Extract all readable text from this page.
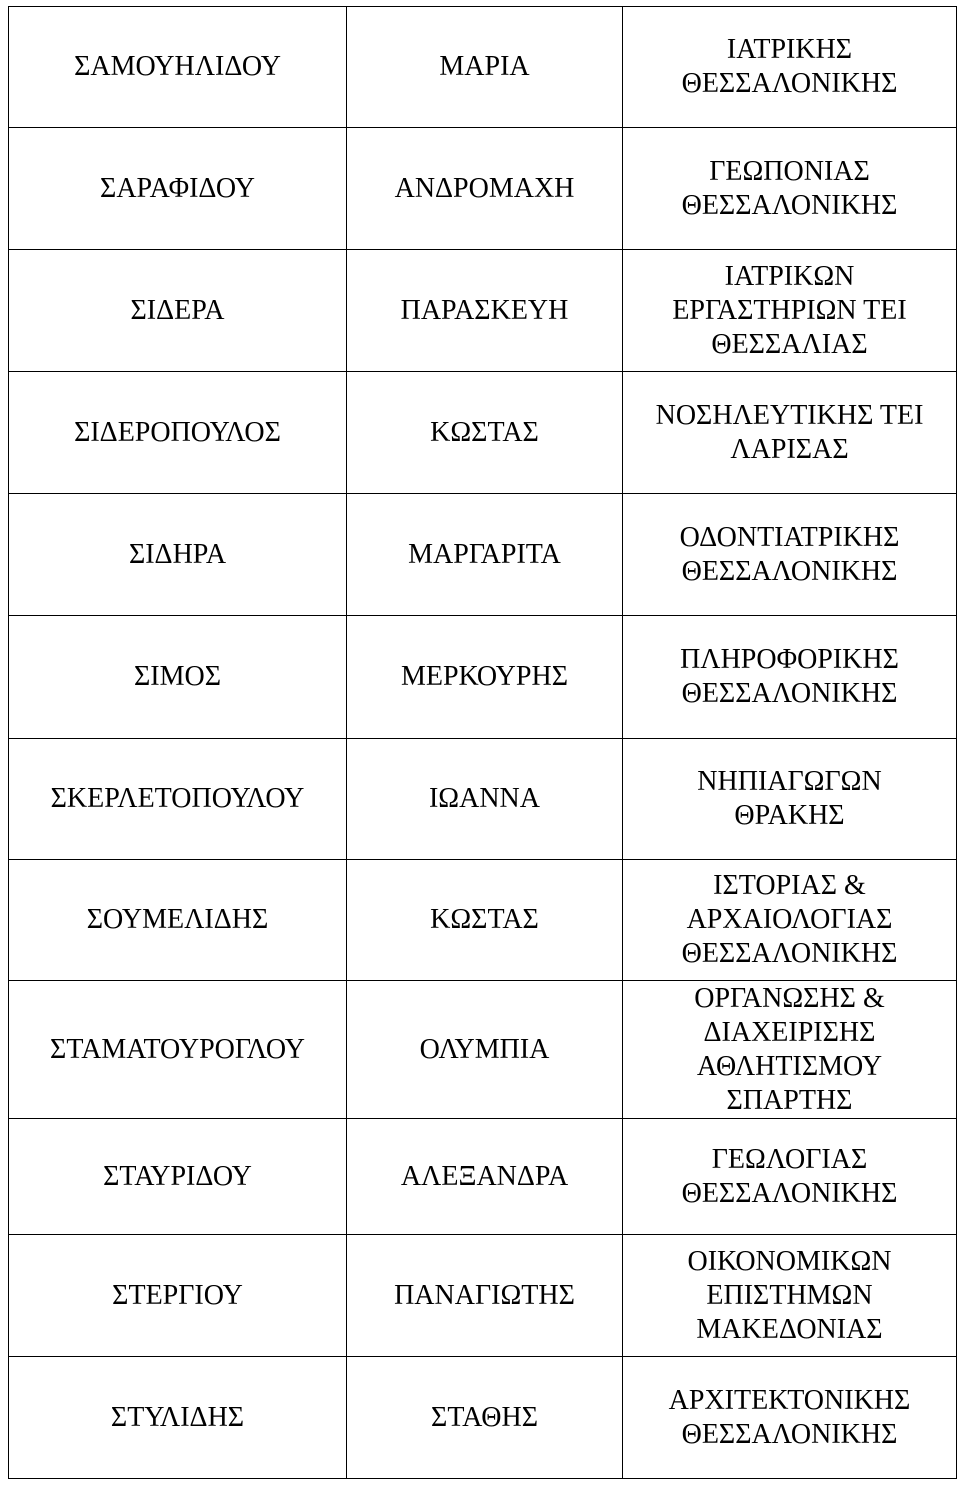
ΣΑΜΟΥΗΛΙΔΟΥ	ΜΑΡΙΑ	ΙΑΤΡΙΚΗΣ
ΘΕΣΣΑΛΟΝΙΚΗΣ
ΣΑΡΑΦΙΔΟΥ	ΑΝΔΡΟΜΑΧΗ	ΓΕΩΠΟΝΙΑΣ
ΘΕΣΣΑΛΟΝΙΚΗΣ
ΣΙΔΕΡΑ	ΠΑΡΑΣΚΕΥΗ	ΙΑΤΡΙΚΩΝ
ΕΡΓΑΣΤΗΡΙΩΝ ΤΕΙ
ΘΕΣΣΑΛΙΑΣ
ΣΙΔΕΡΟΠΟΥΛΟΣ	ΚΩΣΤΑΣ	ΝΟΣΗΛΕΥΤΙΚΗΣ ΤΕΙ
ΛΑΡΙΣΑΣ
ΣΙΔΗΡΑ	ΜΑΡΓΑΡΙΤΑ	ΟΔΟΝΤΙΑΤΡΙΚΗΣ
ΘΕΣΣΑΛΟΝΙΚΗΣ
ΣΙΜΟΣ	ΜΕΡΚΟΥΡΗΣ	ΠΛΗΡΟΦΟΡΙΚΗΣ
ΘΕΣΣΑΛΟΝΙΚΗΣ
ΣΚΕΡΛΕΤΟΠΟΥΛΟΥ	ΙΩΑΝΝΑ	ΝΗΠΙΑΓΩΓΩΝ
ΘΡΑΚΗΣ
ΣΟΥΜΕΛΙΔΗΣ	ΚΩΣΤΑΣ	ΙΣΤΟΡΙΑΣ &
ΑΡΧΑΙΟΛΟΓΙΑΣ
ΘΕΣΣΑΛΟΝΙΚΗΣ
ΣΤΑΜΑΤΟΥΡΟΓΛΟΥ	ΟΛΥΜΠΙΑ	ΟΡΓΑΝΩΣΗΣ &
ΔΙΑΧΕΙΡΙΣΗΣ
ΑΘΛΗΤΙΣΜΟΥ
ΣΠΑΡΤΗΣ
ΣΤΑΥΡΙΔΟΥ	ΑΛΕΞΑΝΔΡΑ	ΓΕΩΛΟΓΙΑΣ
ΘΕΣΣΑΛΟΝΙΚΗΣ
ΣΤΕΡΓΙΟΥ	ΠΑΝΑΓΙΩΤΗΣ	ΟΙΚΟΝΟΜΙΚΩΝ
ΕΠΙΣΤΗΜΩΝ
ΜΑΚΕΔΟΝΙΑΣ
ΣΤΥΛΙΔΗΣ	ΣΤΑΘΗΣ	ΑΡΧΙΤΕΚΤΟΝΙΚΗΣ
ΘΕΣΣΑΛΟΝΙΚΗΣ
